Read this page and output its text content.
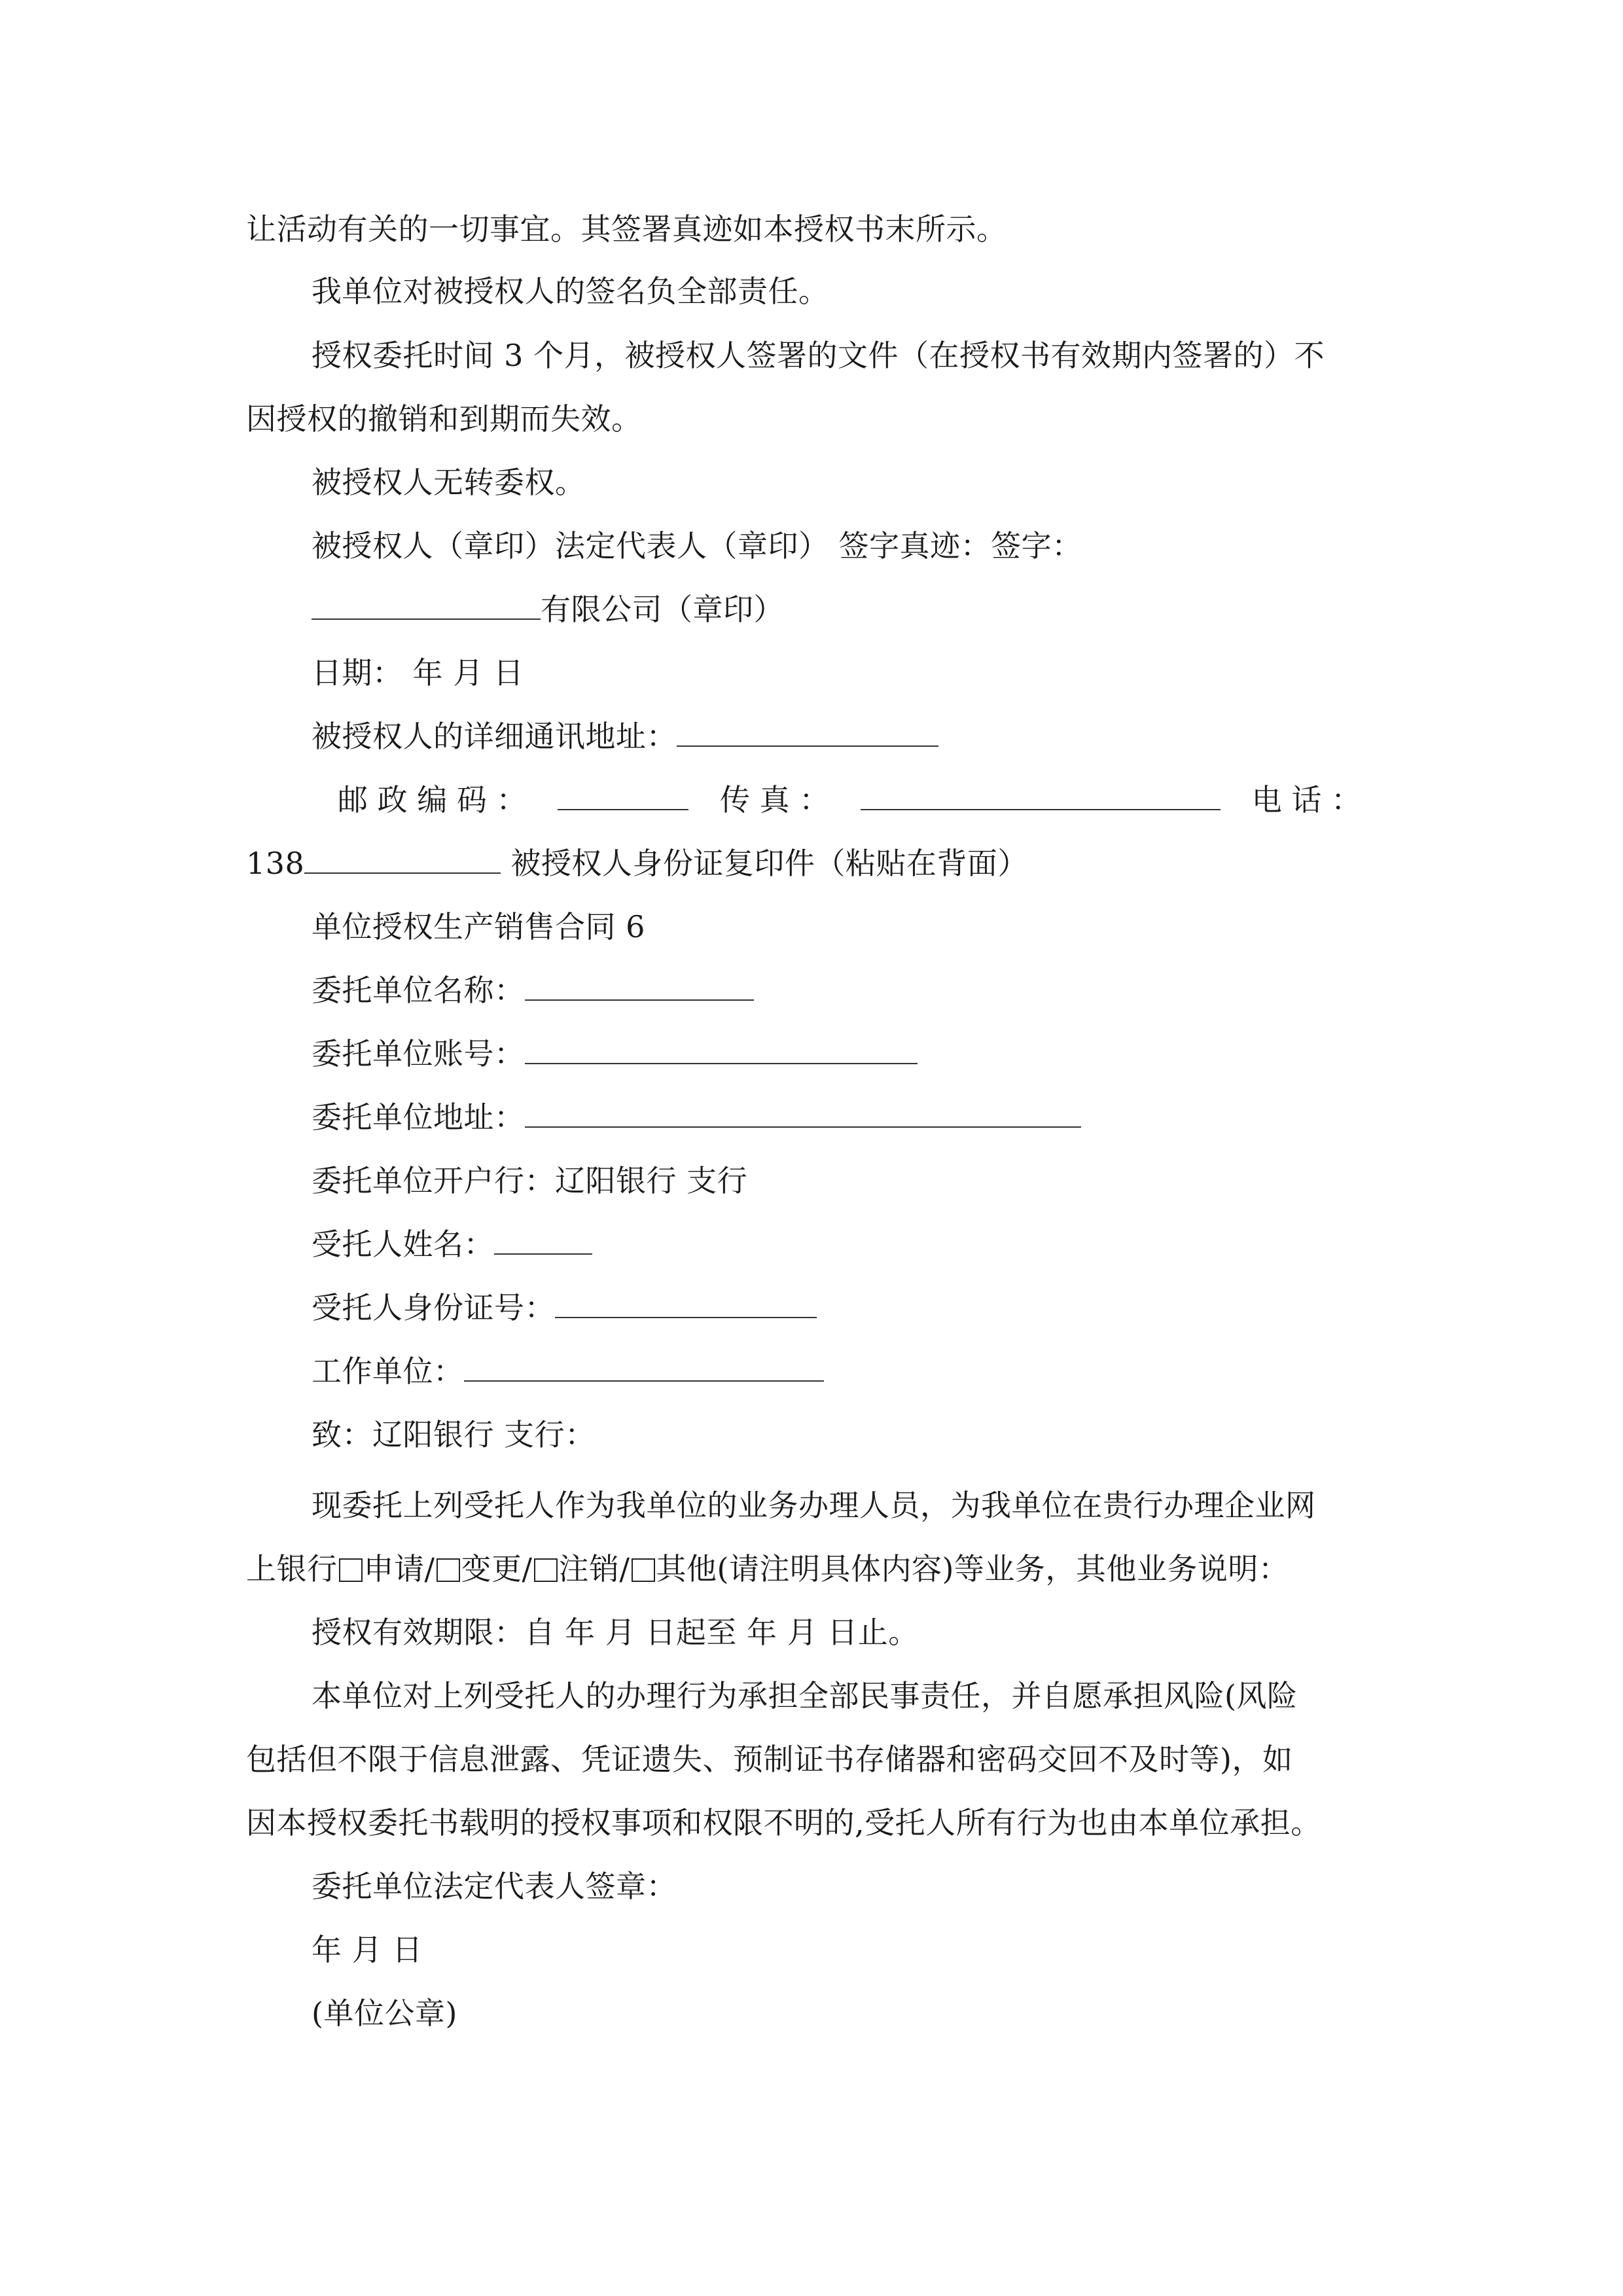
让活动有关的一切事宜。其签署真迹如本授权书末所示。
我单位对被授权人的签名负全部责任。
授权委托时间 3 个月，被授权人签署的文件（在授权书有效期内签署的）不
因授权的撤销和到期而失效。
被授权人无转委权。
被授权人（章印）法定代表人（章印） 签字真迹：签字：
有限公司（章印）
日期： 年 月 日
被授权人的详细通讯地址：
邮 政 编 码 ：	传 真 ：	电 话 ：
138	被授权人身份证复印件（粘贴在背面）
单位授权生产销售合同 6
委托单位名称：
委托单位账号：
委托单位地址：
委托单位开户行：辽阳银行 支行
受托人姓名：
受托人身份证号：
工作单位：
致：辽阳银行 支行：
现委托上列受托人作为我单位的业务办理人员，为我单位在贵行办理企业网
上银行 申请/ 变更/ 注销/ 其他(请注明具体内容)等业务，其他业务说明：
授权有效期限：自 年 月 日起至 年 月 日止。
本单位对上列受托人的办理行为承担全部民事责任，并自愿承担风险(风险
包括但不限于信息泄露、凭证遗失、预制证书存储器和密码交回不及时等)，如
因本授权委托书载明的授权事项和权限不明的,受托人所有行为也由本单位承担。
委托单位法定代表人签章：
年 月 日
(单位公章)
